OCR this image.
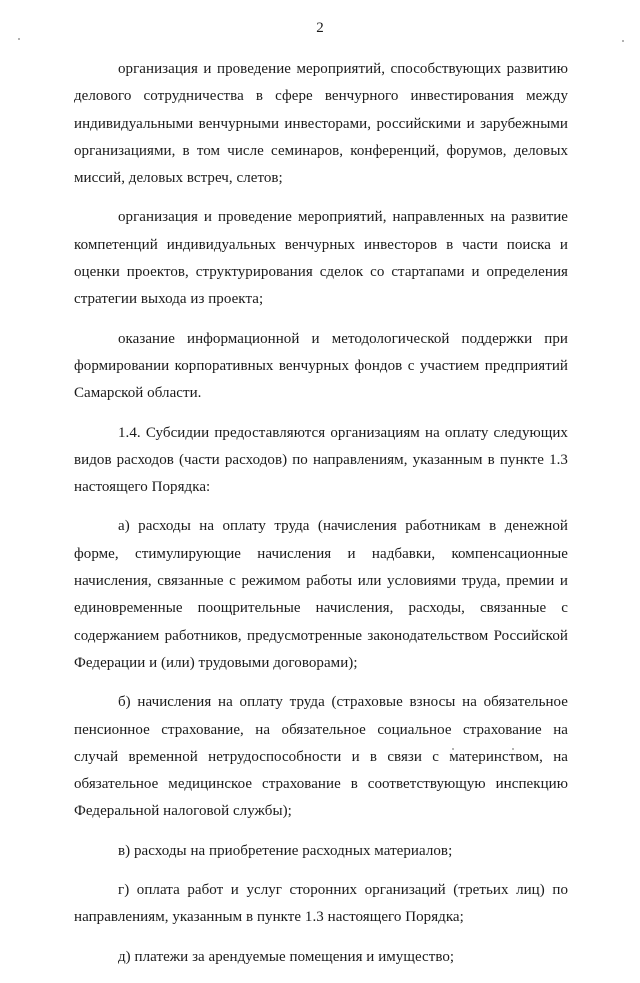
2

организация и проведение мероприятий, способствующих развитию делового сотрудничества в сфере венчурного инвестирования между индивидуальными венчурными инвесторами, российскими и зарубежными организациями, в том числе семинаров, конференций, форумов, деловых миссий, деловых встреч, слетов;

организация и проведение мероприятий, направленных на развитие компетенций индивидуальных венчурных инвесторов в части поиска и оценки проектов, структурирования сделок со стартапами и определения стратегии выхода из проекта;

оказание информационной и методологической поддержки при формировании корпоративных венчурных фондов с участием предприятий Самарской области.

1.4. Субсидии предоставляются организациям на оплату следующих видов расходов (части расходов) по направлениям, указанным в пункте 1.3 настоящего Порядка:

а) расходы на оплату труда (начисления работникам в денежной форме, стимулирующие начисления и надбавки, компенсационные начисления, связанные с режимом работы или условиями труда, премии и единовременные поощрительные начисления, расходы, связанные с содержанием работников, предусмотренные законодательством Российской Федерации и (или) трудовыми договорами);

б) начисления на оплату труда (страховые взносы на обязательное пенсионное страхование, на обязательное социальное страхование на случай временной нетрудоспособности и в связи с материнством, на обязательное медицинское страхование в соответствующую инспекцию Федеральной налоговой службы);

в) расходы на приобретение расходных материалов;

г) оплата работ и услуг сторонних организаций (третьих лиц) по направлениям, указанным в пункте 1.3 настоящего Порядка;

д) платежи за арендуемые помещения и имущество;
